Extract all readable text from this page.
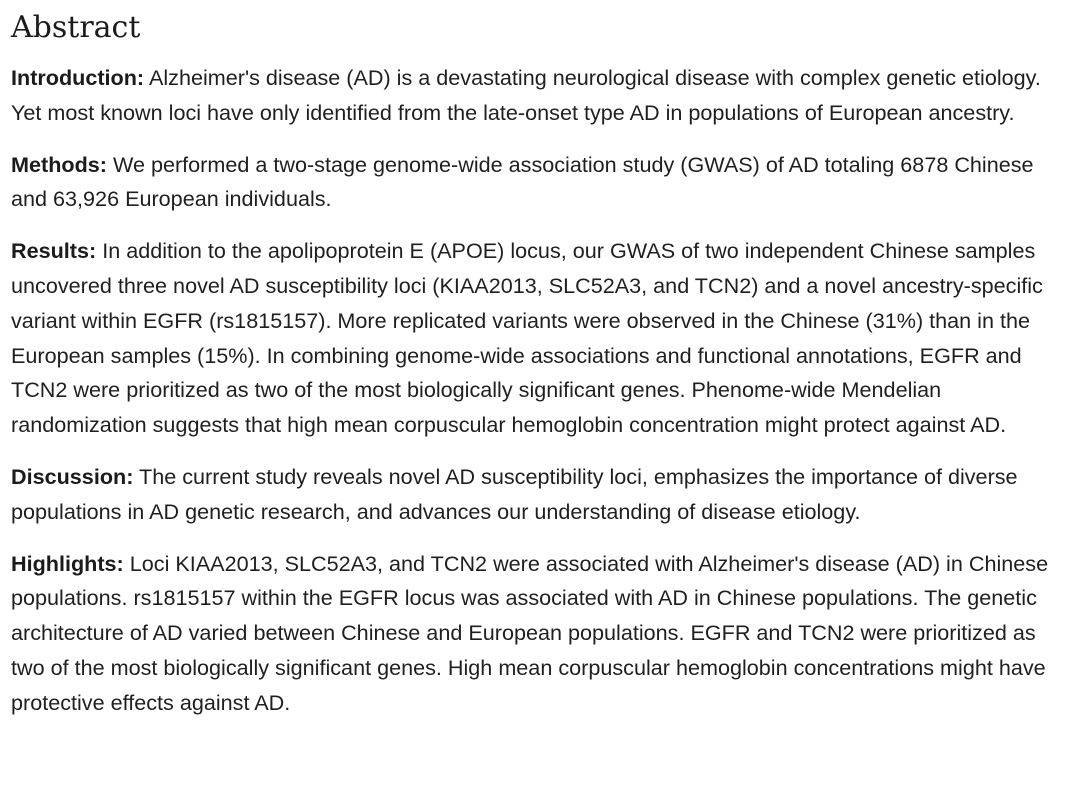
Abstract

Introduction: Alzheimer's disease (AD) is a devastating neurological disease with complex genetic etiology. Yet most known loci have only identified from the late-onset type AD in populations of European ancestry.

Methods: We performed a two-stage genome-wide association study (GWAS) of AD totaling 6878 Chinese and 63,926 European individuals.

Results: In addition to the apolipoprotein E (APOE) locus, our GWAS of two independent Chinese samples uncovered three novel AD susceptibility loci (KIAA2013, SLC52A3, and TCN2) and a novel ancestry-specific variant within EGFR (rs1815157). More replicated variants were observed in the Chinese (31%) than in the European samples (15%). In combining genome-wide associations and functional annotations, EGFR and TCN2 were prioritized as two of the most biologically significant genes. Phenome-wide Mendelian randomization suggests that high mean corpuscular hemoglobin concentration might protect against AD.

Discussion: The current study reveals novel AD susceptibility loci, emphasizes the importance of diverse populations in AD genetic research, and advances our understanding of disease etiology.

Highlights: Loci KIAA2013, SLC52A3, and TCN2 were associated with Alzheimer's disease (AD) in Chinese populations. rs1815157 within the EGFR locus was associated with AD in Chinese populations. The genetic architecture of AD varied between Chinese and European populations. EGFR and TCN2 were prioritized as two of the most biologically significant genes. High mean corpuscular hemoglobin concentrations might have protective effects against AD.
